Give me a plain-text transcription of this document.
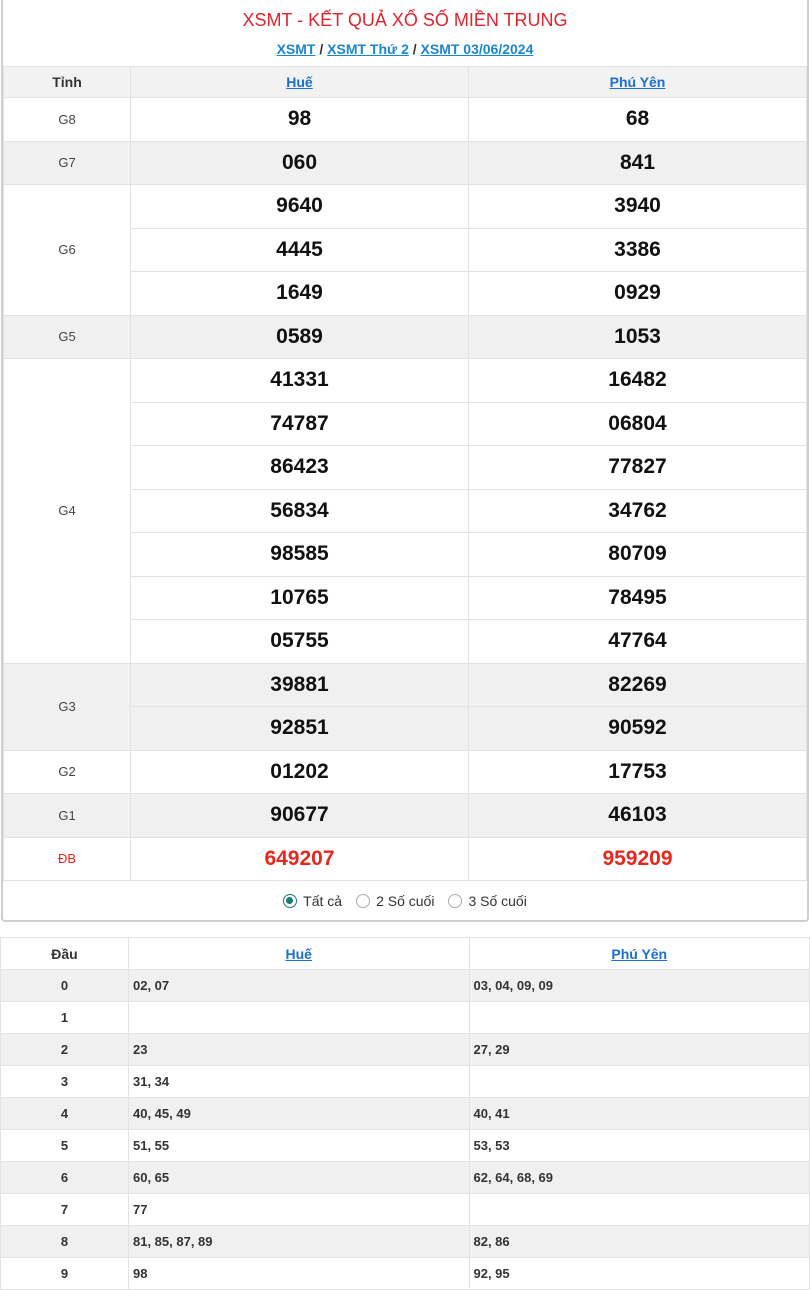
XSMT - KẾT QUẢ XỔ SỐ MIỀN TRUNG
XSMT / XSMT Thứ 2 / XSMT 03/06/2024
Tỉnh	Huế	Phú Yên
G8	98	68
G7	060	841
G6	9640	3940
	4445	3386
	1649	0929
G5	0589	1053
G4	41331	16482
	74787	06804
	86423	77827
	56834	34762
	98585	80709
	10765	78495
	05755	47764
G3	39881	82269
	92851	90592
G2	01202	17753
G1	90677	46103
ĐB	649207	959209
Tất cả 2 Số cuối 3 Số cuối
Đầu	Huế	Phú Yên
0	02, 07	03, 04, 09, 09
1		
2	23	27, 29
3	31, 34	
4	40, 45, 49	40, 41
5	51, 55	53, 53
6	60, 65	62, 64, 68, 69
7	77	
8	81, 85, 87, 89	82, 86
9	98	92, 95
